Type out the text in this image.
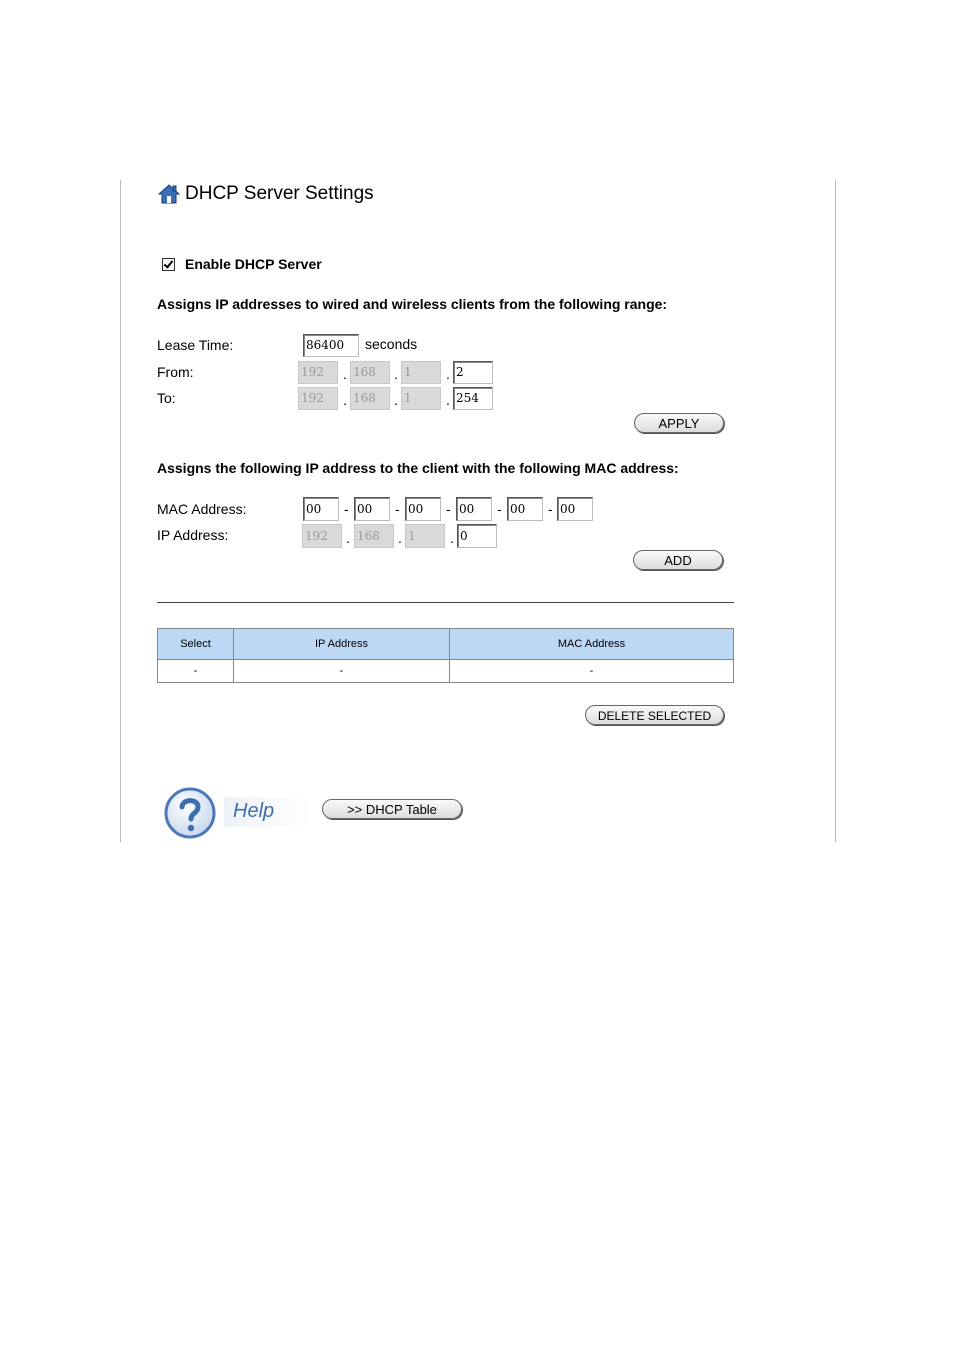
DHCP Server Settings
Enable DHCP Server
Assigns IP addresses to wired and wireless clients from the following range:
Lease Time:	86400	seconds
From:	192	. 168	. 1	. 2
To:	192	. 168	. 1	. 254
APPLY
Assigns the following IP address to the client with the following MAC address:
MAC Address:	00	- 00	- 00	- 00	- 00	- 00
IP Address:	192	. 168	. 1	. 0
ADD
Select	IP Address	MAC Address
-	-	-
DELETE SELECTED
Help	>> DHCP Table
